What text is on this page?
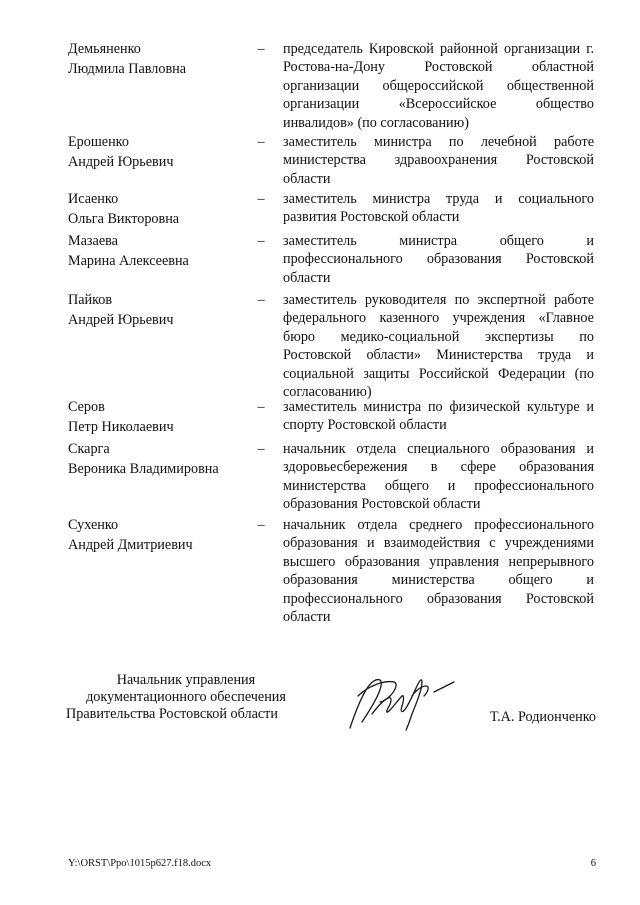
Демьяненко
Людмила Павловна
– председатель Кировской районной организации г. Ростова-на-Дону Ростовской областной организации общероссийской общественной организации «Всероссийское общество инвалидов» (по согласованию)
Ерошенко
Андрей Юрьевич
– заместитель министра по лечебной работе министерства здравоохранения Ростовской области
Исаенко
Ольга Викторовна
– заместитель министра труда и социального развития Ростовской области
Мазаева
Марина Алексеевна
– заместитель министра общего и профессионального образования Ростовской области
Пайков
Андрей Юрьевич
– заместитель руководителя по экспертной работе федерального казенного учреждения «Главное бюро медико-социальной экспертизы по Ростовской области» Министерства труда и социальной защиты Российской Федерации (по согласованию)
Серов
Петр Николаевич
– заместитель министра по физической культуре и спорту Ростовской области
Скарга
Вероника Владимировна
– начальник отдела специального образования и здоровьесбережения в сфере образования министерства общего и профессионального образования Ростовской области
Сухенко
Андрей Дмитриевич
– начальник отдела среднего профессионального образования и взаимодействия с учреждениями высшего образования управления непрерывного образования министерства общего и профессионального образования Ростовской области
Начальник управления
документационного обеспечения
Правительства Ростовской области	Т.А. Родионченко
Y:\ORST\Ppo\1015p627.f18.docx	6
